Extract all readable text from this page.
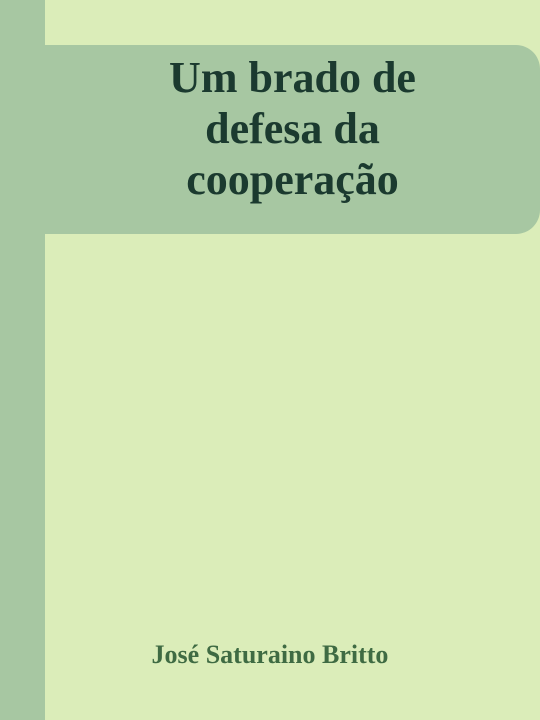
Um brado de
defesa da
cooperação
José Saturaino Britto
